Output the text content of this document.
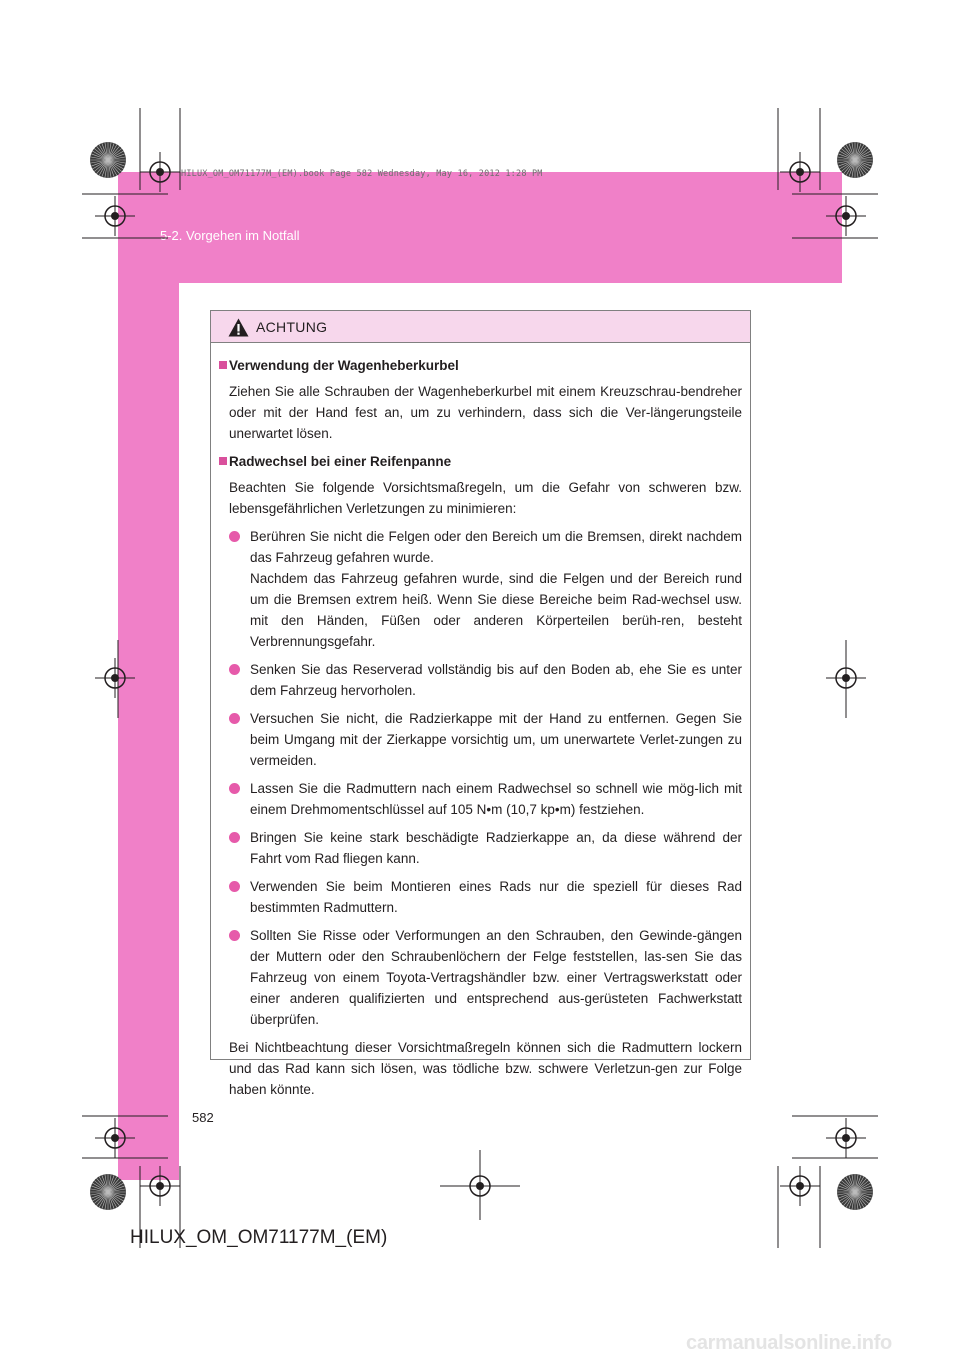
5-2. Vorgehen im Notfall
HILUX_OM_OM71177M_(EM).book Page 582 Wednesday, May 16, 2012 1:28 PM
ACHTUNG
Verwendung der Wagenheberkurbel
Ziehen Sie alle Schrauben der Wagenheberkurbel mit einem Kreuzschrau-bendreher oder mit der Hand fest an, um zu verhindern, dass sich die Ver-längerungsteile unerwartet lösen.
Radwechsel bei einer Reifenpanne
Beachten Sie folgende Vorsichtsmaßregeln, um die Gefahr von schweren bzw. lebensgefährlichen Verletzungen zu minimieren:

Berühren Sie nicht die Felgen oder den Bereich um die Bremsen, direkt nachdem das Fahrzeug gefahren wurde.

Nachdem das Fahrzeug gefahren wurde, sind die Felgen und der Bereich rund um die Bremsen extrem heiß. Wenn Sie diese Bereiche beim Rad-wechsel usw. mit den Händen, Füßen oder anderen Körperteilen berüh-ren, besteht Verbrennungsgefahr.

Senken Sie das Reserverad vollständig bis auf den Boden ab, ehe Sie es unter dem Fahrzeug hervorholen.

Versuchen Sie nicht, die Radzierkappe mit der Hand zu entfernen. Gegen Sie beim Umgang mit der Zierkappe vorsichtig um, um unerwartete Verlet-zungen zu vermeiden.

Lassen Sie die Radmuttern nach einem Radwechsel so schnell wie mög-lich mit einem Drehmomentschlüssel auf 105 N•m (10,7 kp•m) festziehen.

Bringen Sie keine stark beschädigte Radzierkappe an, da diese während der Fahrt vom Rad fliegen kann.

Verwenden Sie beim Montieren eines Rads nur die speziell für dieses Rad bestimmten Radmuttern.

Sollten Sie Risse oder Verformungen an den Schrauben, den Gewinde-gängen der Muttern oder den Schraubenlöchern der Felge feststellen, las-sen Sie das Fahrzeug von einem Toyota-Vertragshändler bzw. einer Vertragswerkstatt oder einer anderen qualifizierten und entsprechend aus-gerüsteten Fachwerkstatt überprüfen.

Bei Nichtbeachtung dieser Vorsichtmaßregeln können sich die Radmuttern lockern und das Rad kann sich lösen, was tödliche bzw. schwere Verletzun-gen zur Folge haben könnte.
582
HILUX_OM_OM71177M_(EM)
carmanualsonline.info
